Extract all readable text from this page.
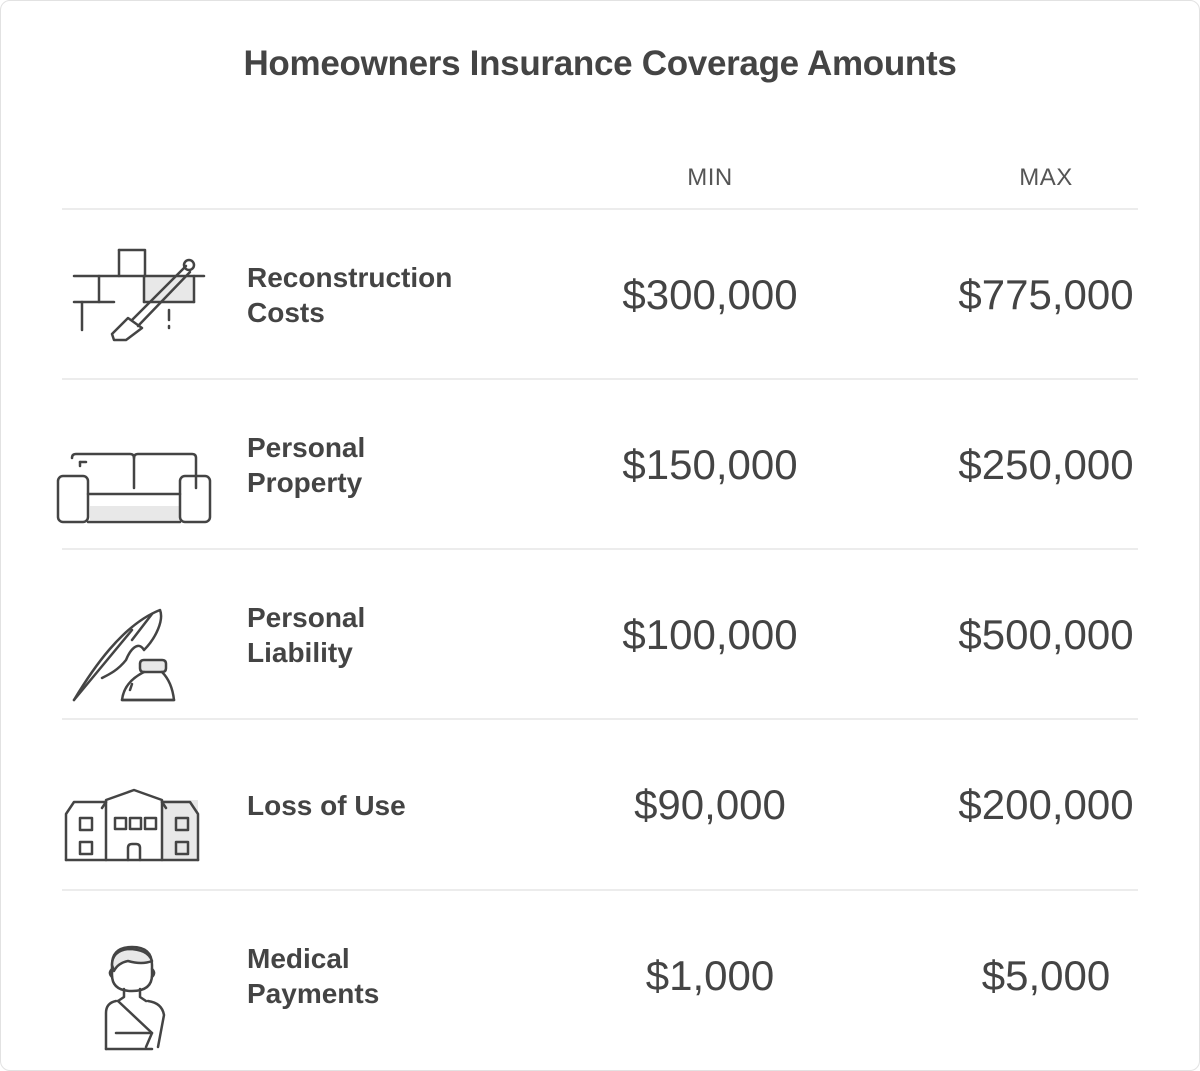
Homeowners Insurance Coverage Amounts
MIN	MAX
Reconstruction
Costs	$300,000	$775,000
Personal
Property	$150,000	$250,000
Personal
Liability	$100,000	$500,000
Loss of Use	$90,000	$200,000
Medical
Payments	$1,000	$5,000
